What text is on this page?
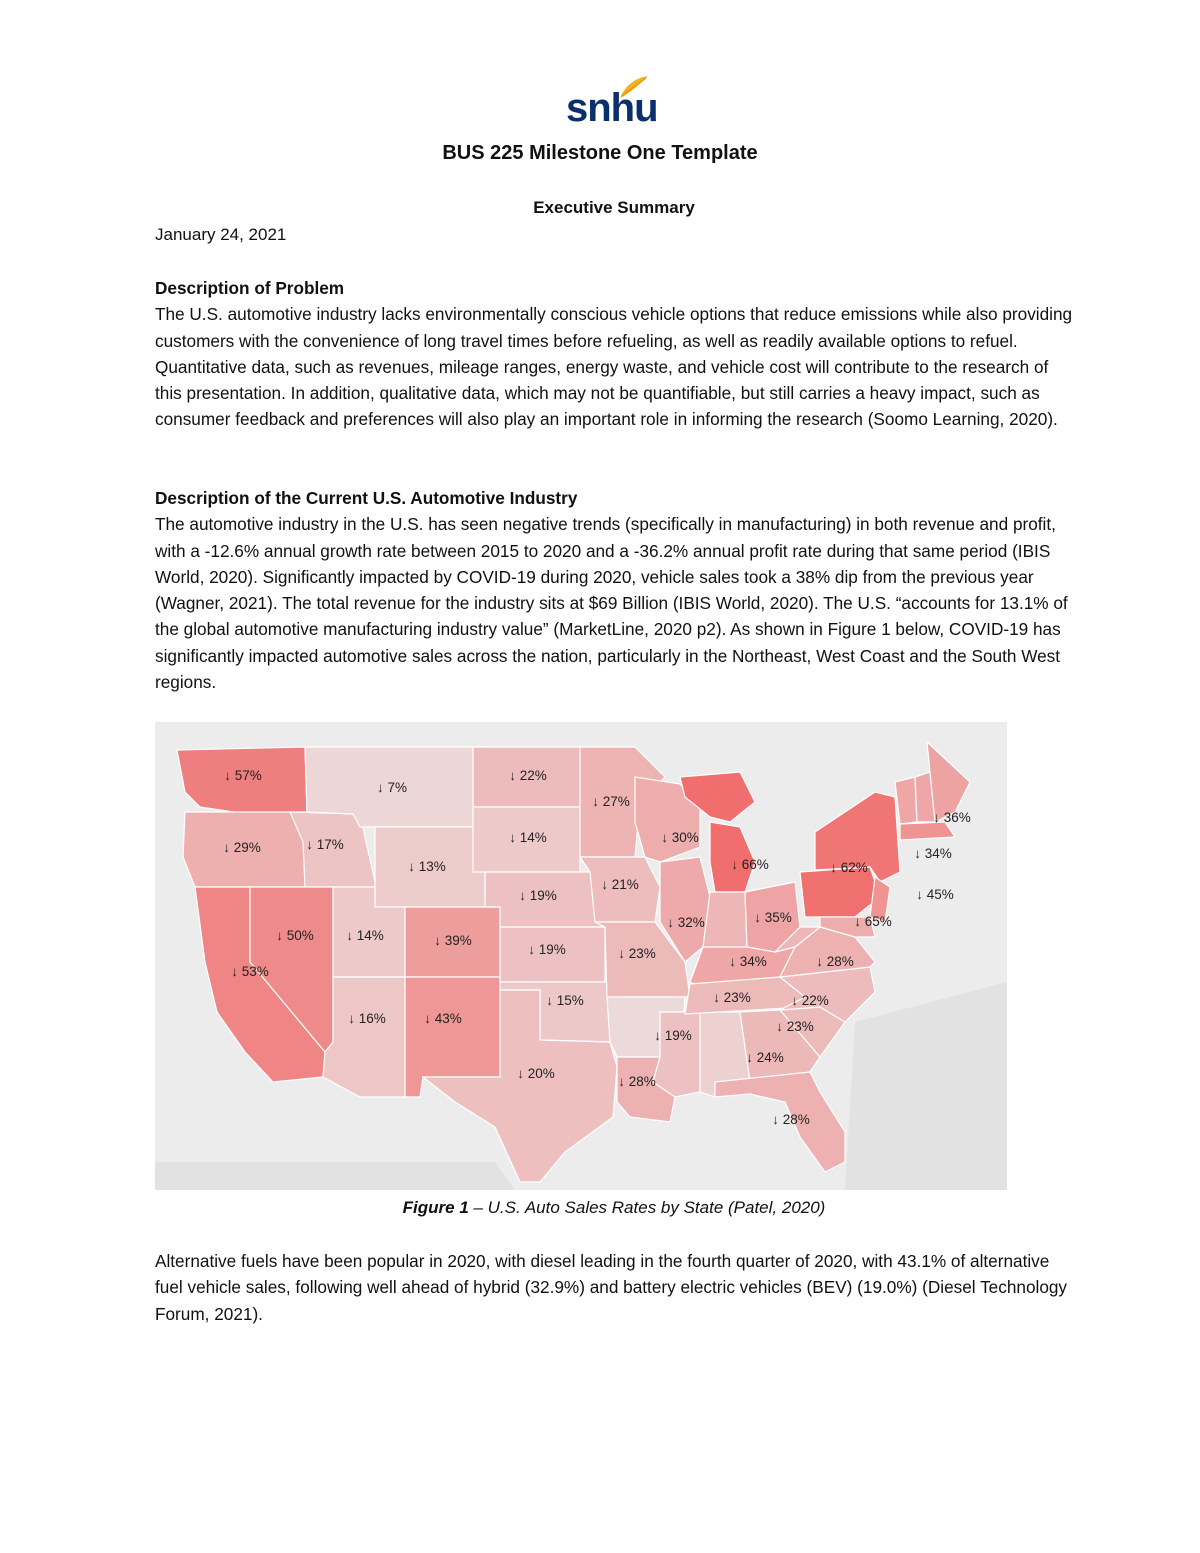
snhu
BUS 225 Milestone One Template
Executive Summary
January 24, 2021

Description of Problem

The U.S. automotive industry lacks environmentally conscious vehicle options that reduce emissions while also providing customers with the convenience of long travel times before refueling, as well as readily available options to refuel. Quantitative data, such as revenues, mileage ranges, energy waste, and vehicle cost will contribute to the research of this presentation. In addition, qualitative data, which may not be quantifiable, but still carries a heavy impact, such as consumer feedback and preferences will also play an important role in informing the research (Soomo Learning, 2020).

Description of the Current U.S. Automotive Industry

The automotive industry in the U.S. has seen negative trends (specifically in manufacturing) in both revenue and profit, with a -12.6% annual growth rate between 2015 to 2020 and a -36.2% annual profit rate during that same period (IBIS World, 2020). Significantly impacted by COVID-19 during 2020, vehicle sales took a 38% dip from the previous year (Wagner, 2021). The total revenue for the industry sits at $69 Billion (IBIS World, 2020). The U.S. “accounts for 13.1% of the global automotive manufacturing industry value” (MarketLine, 2020 p2). As shown in Figure 1 below, COVID-19 has significantly impacted automotive sales across the nation, particularly in the Northeast, West Coast and the South West regions.

↓ 57%
↓ 29%
↓ 53%
↓ 17%
↓ 50%
↓ 7%
↓ 13%
↓ 14%
↓ 16%
↓ 39%
↓ 43%
↓ 22%
↓ 14%
↓ 19%
↓ 19%
↓ 15%
↓ 20%
↓ 27%
↓ 21%
↓ 23%
↓ 28%
↓ 30%
↓ 32%
↓ 19%
↓ 66%
↓ 35%
↓ 34%
↓ 23%
↓ 24%
↓ 28%
↓ 23%
↓ 22%
↓ 28%
↓ 65%
↓ 62%
↓ 34%
↓ 36%
↓ 45%
Figure 1 – U.S. Auto Sales Rates by State (Patel, 2020)

Alternative fuels have been popular in 2020, with diesel leading in the fourth quarter of 2020, with 43.1% of alternative fuel vehicle sales, following well ahead of hybrid (32.9%) and battery electric vehicles (BEV) (19.0%) (Diesel Technology Forum, 2021).
